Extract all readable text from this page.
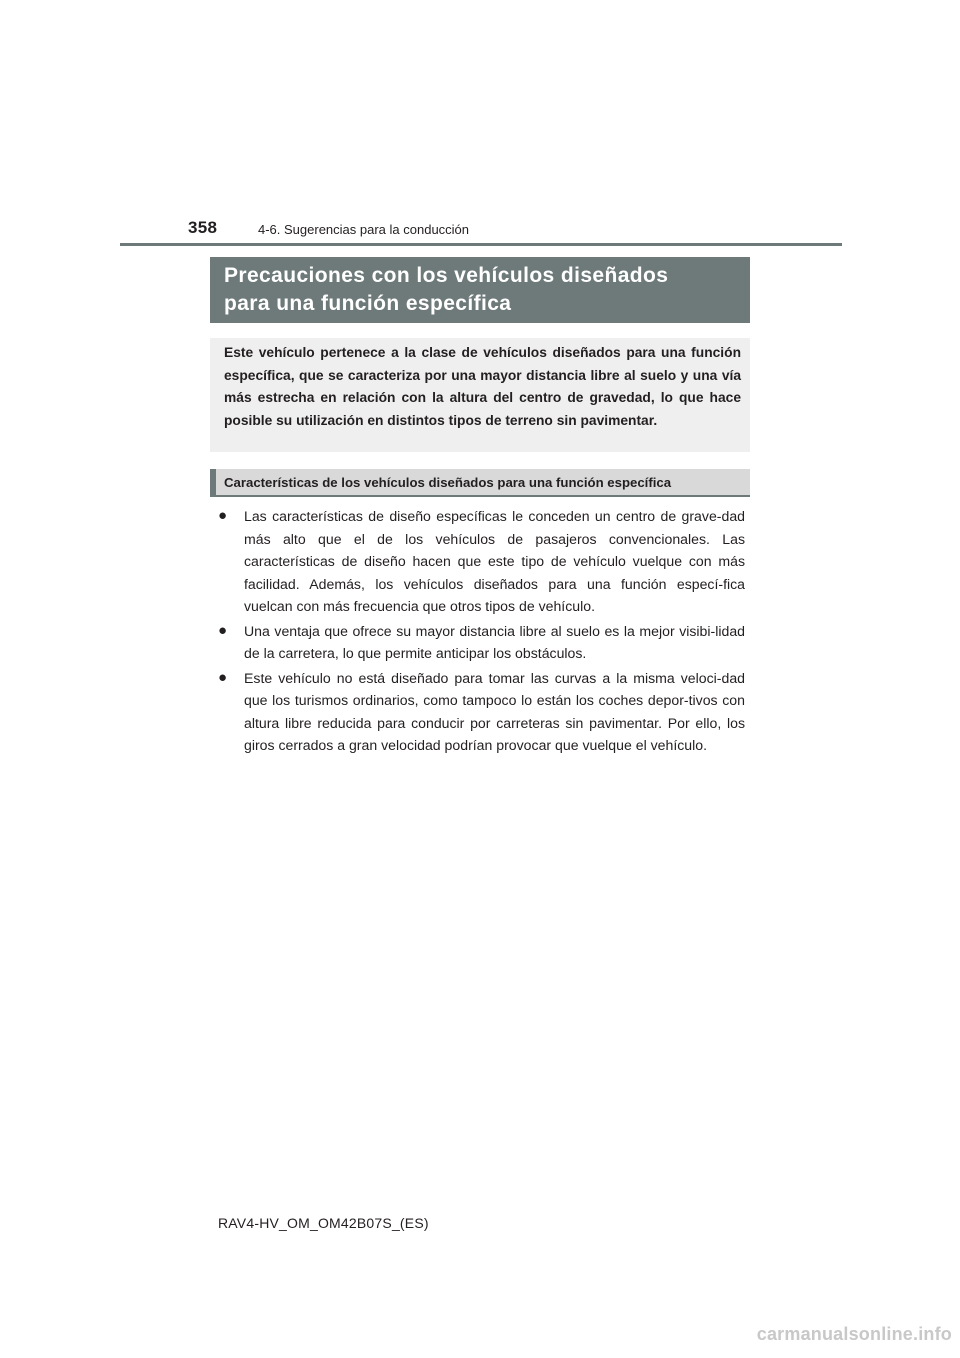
358	4-6. Sugerencias para la conducción

Precauciones con los vehículos diseñados

para una función específica

Este vehículo pertenece a la clase de vehículos diseñados para una función específica, que se caracteriza por una mayor distancia libre al suelo y una vía más estrecha en relación con la altura del centro de gravedad, lo que hace posible su utilización en distintos tipos de terreno sin pavimentar.

Características de los vehículos diseñados para una función específica
● Las características de diseño específicas le conceden un centro de grave-dad más alto que el de los vehículos de pasajeros convencionales. Las características de diseño hacen que este tipo de vehículo vuelque con más facilidad. Además, los vehículos diseñados para una función especí-fica vuelcan con más frecuencia que otros tipos de vehículo.
● Una ventaja que ofrece su mayor distancia libre al suelo es la mejor visibi-lidad de la carretera, lo que permite anticipar los obstáculos.
● Este vehículo no está diseñado para tomar las curvas a la misma veloci-dad que los turismos ordinarios, como tampoco lo están los coches depor-tivos con altura libre reducida para conducir por carreteras sin pavimentar. Por ello, los giros cerrados a gran velocidad podrían provocar que vuelque el vehículo.
RAV4-HV_OM_OM42B07S_(ES)
carmanualsonline.info
